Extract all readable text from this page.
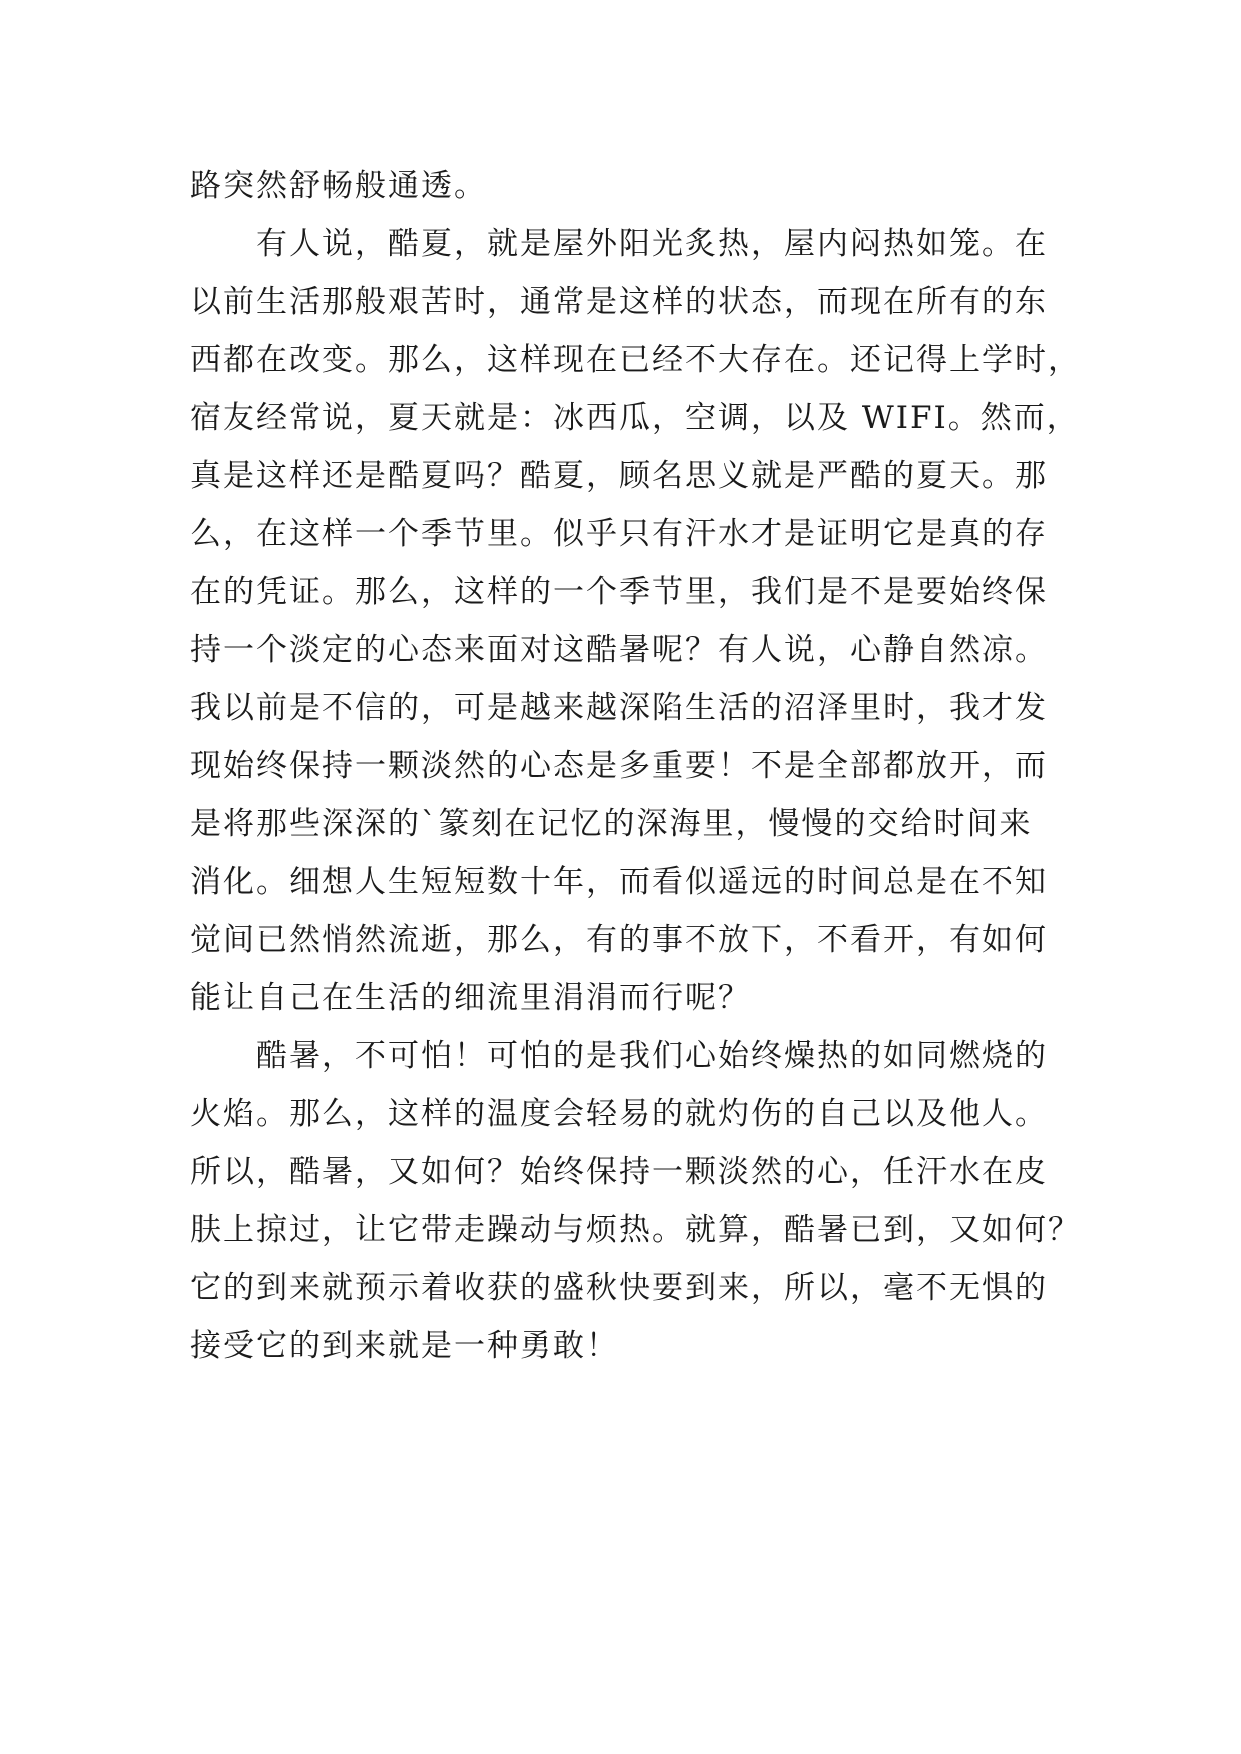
路突然舒畅般通透。
有人说，酷夏，就是屋外阳光炙热，屋内闷热如笼。在
以前生活那般艰苦时，通常是这样的状态，而现在所有的东
西都在改变。那么，这样现在已经不大存在。还记得上学时，
宿友经常说，夏天就是：冰西瓜，空调，以及 WIFI。然而，
真是这样还是酷夏吗？酷夏，顾名思义就是严酷的夏天。那
么，在这样一个季节里。似乎只有汗水才是证明它是真的存
在的凭证。那么，这样的一个季节里，我们是不是要始终保
持一个淡定的心态来面对这酷暑呢？有人说，心静自然凉。
我以前是不信的，可是越来越深陷生活的沼泽里时，我才发
现始终保持一颗淡然的心态是多重要！不是全部都放开，而
是将那些深深的`篆刻在记忆的深海里，慢慢的交给时间来
消化。细想人生短短数十年，而看似遥远的时间总是在不知
觉间已然悄然流逝，那么，有的事不放下，不看开，有如何
能让自己在生活的细流里涓涓而行呢？
酷暑，不可怕！可怕的是我们心始终燥热的如同燃烧的
火焰。那么，这样的温度会轻易的就灼伤的自己以及他人。
所以，酷暑，又如何？始终保持一颗淡然的心，任汗水在皮
肤上掠过，让它带走躁动与烦热。就算，酷暑已到，又如何？
它的到来就预示着收获的盛秋快要到来，所以，毫不无惧的
接受它的到来就是一种勇敢！
